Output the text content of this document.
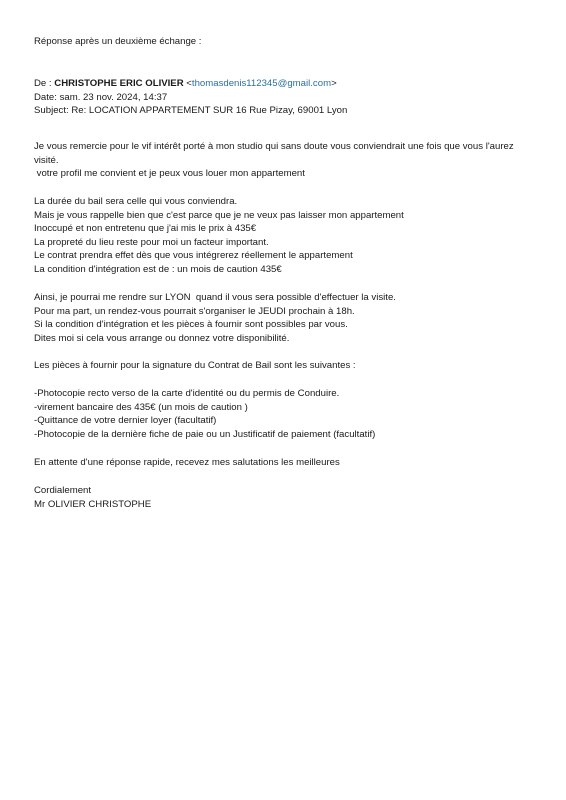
Réponse après un deuxième échange :

De : CHRISTOPHE ERIC OLIVIER <thomasdenis112345@gmail.com>

Date: sam. 23 nov. 2024, 14:37

Subject: Re: LOCATION APPARTEMENT SUR 16 Rue Pizay, 69001 Lyon

Je vous remercie pour le vif intérêt porté à mon studio qui sans doute vous conviendrait une fois que vous l'aurez visité.

votre profil me convient et je peux vous louer mon appartement

La durée du bail sera celle qui vous conviendra.

Mais je vous rappelle bien que c'est parce que je ne veux pas laisser mon appartement

Inoccupé et non entretenu que j'ai mis le prix à 435€

La propreté du lieu reste pour moi un facteur important.

Le contrat prendra effet dès que vous intégrerez réellement le appartement

La condition d'intégration est de : un mois de caution 435€

Ainsi, je pourrai me rendre sur LYON  quand il vous sera possible d'effectuer la visite.

Pour ma part, un rendez-vous pourrait s'organiser le JEUDI prochain à 18h.

Si la condition d'intégration et les pièces à fournir sont possibles par vous.

Dites moi si cela vous arrange ou donnez votre disponibilité.

Les pièces à fournir pour la signature du Contrat de Bail sont les suivantes :

-Photocopie recto verso de la carte d'identité ou du permis de Conduire.

-virement bancaire des 435€ (un mois de caution )

-Quittance de votre dernier loyer (facultatif)

-Photocopie de la dernière fiche de paie ou un Justificatif de paiement (facultatif)

En attente d'une réponse rapide, recevez mes salutations les meilleures

Cordialement

Mr OLIVIER CHRISTOPHE
